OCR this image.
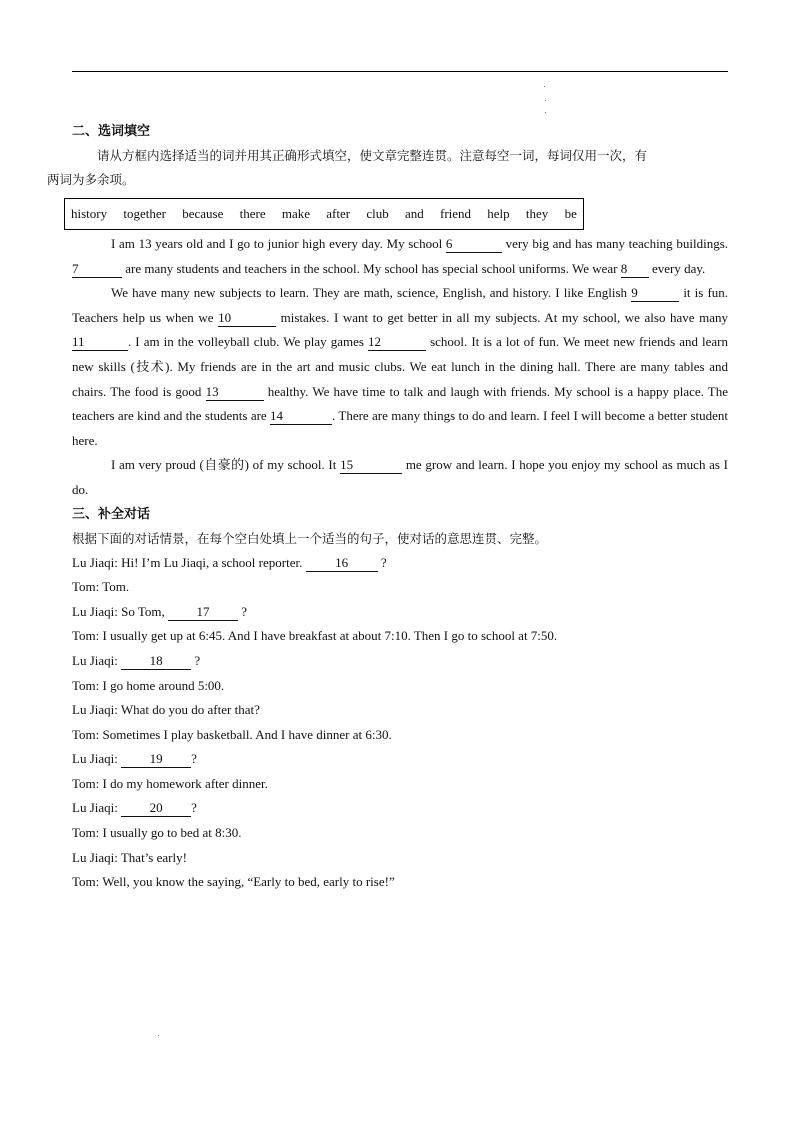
二、选词填空
请从方框内选择适当的词并用其正确形式填空，使文章完整连贯。注意每空一词，每词仅用一次，有
两词为多余项。
history together because there make after club and friend help they be

I am 13 years old and I go to junior high every day. My school 6	very big and has many teaching buildings. 7	are many students and teachers in the school. My school has special school uniforms. We wear 8 every day.

We have many new subjects to learn. They are math, science, English, and history. I like English 9	it is fun. Teachers help us when we 10	mistakes. I want to get better in all my subjects. At my school, we also have many 11	. I am in the volleyball club. We play games 12	school. It is a lot of fun. We meet new friends and learn new skills (技术). My friends are in the art and music clubs. We eat lunch in the dining hall. There are many tables and chairs. The food is good 13	healthy. We have time to talk and laugh with friends. My school is a happy place. The teachers are kind and the students are 14	. There are many things to do and learn. I feel I will become a better student here.

I am very proud (自豪的) of my school. It 15	me grow and learn. I hope you enjoy my school as much as I do.

三、补全对话
根据下面的对话情景，在每个空白处填上一个适当的句子，使对话的意思连贯、完整。

Lu Jiaqi: Hi! I’m Lu Jiaqi, a school reporter.	16	?

Tom: Tom.

Lu Jiaqi: So Tom, 17 ?

Tom: I usually get up at 6:45. And I have breakfast at about 7:10. Then I go to school at 7:50.

Lu Jiaqi: 18 ?

Tom: I go home around 5:00.

Lu Jiaqi: What do you do after that?

Tom: Sometimes I play basketball. And I have dinner at 6:30.

Lu Jiaqi: 19 ?

Tom: I do my homework after dinner.

Lu Jiaqi: 20 ?

Tom: I usually go to bed at 8:30.

Lu Jiaqi: That’s early!

Tom: Well, you know the saying, “Early to bed, early to rise!”
